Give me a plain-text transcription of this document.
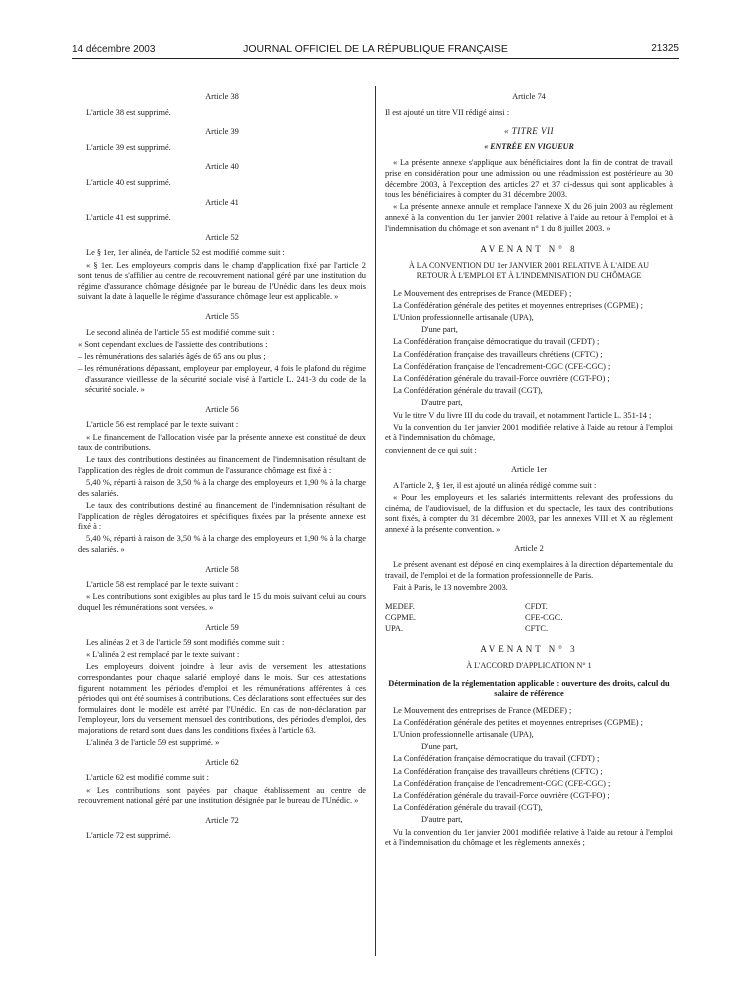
14 décembre 2003	JOURNAL OFFICIEL DE LA RÉPUBLIQUE FRANÇAISE	21325
Article 38

L'article 38 est supprimé.

Article 39

L'article 39 est supprimé.

Article 40

L'article 40 est supprimé.

Article 41

L'article 41 est supprimé.

Article 52

Le § 1er, 1er alinéa, de l'article 52 est modifié comme suit :

« § 1er. Les employeurs compris dans le champ d'application fixé par l'article 2 sont tenus de s'affilier au centre de recouvrement national géré par une institution du régime d'assurance chômage désignée par le bureau de l'Unédic dans les deux mois suivant la date à laquelle le régime d'assurance chômage leur est applicable. »

Article 55

Le second alinéa de l'article 55 est modifié comme suit :

« Sont cependant exclues de l'assiette des contributions :

– les rémunérations des salariés âgés de 65 ans ou plus ;

– les rémunérations dépassant, employeur par employeur, 4 fois le plafond du régime d'assurance vieillesse de la sécurité sociale visé à l'article L. 241-3 du code de la sécurité sociale. »

Article 56

L'article 56 est remplacé par le texte suivant :

« Le financement de l'allocation visée par la présente annexe est constitué de deux taux de contributions.

Le taux des contributions destinées au financement de l'indemnisation résultant de l'application des règles de droit commun de l'assurance chômage est fixé à :

5,40 %, réparti à raison de 3,50 % à la charge des employeurs et 1,90 % à la charge des salariés.

Le taux des contributions destiné au financement de l'indemnisation résultant de l'application de règles dérogatoires et spécifiques fixées par la présente annexe est fixé à :

5,40 %, réparti à raison de 3,50 % à la charge des employeurs et 1,90 % à la charge des salariés. »

Article 58

L'article 58 est remplacé par le texte suivant :

« Les contributions sont exigibles au plus tard le 15 du mois suivant celui au cours duquel les rémunérations sont versées. »

Article 59

Les alinéas 2 et 3 de l'article 59 sont modifiés comme suit :

« L'alinéa 2 est remplacé par le texte suivant :

Les employeurs doivent joindre à leur avis de versement les attestations correspondantes pour chaque salarié employé dans le mois. Sur ces attestations figurent notamment les périodes d'emploi et les rémunérations afférentes à ces périodes qui ont été soumises à contributions. Ces déclarations sont effectuées sur des formulaires dont le modèle est arrêté par l'Unédic. En cas de non-déclaration par l'employeur, lors du versement mensuel des contributions, des périodes d'emploi, des majorations de retard sont dues dans les conditions fixées à l'article 63.

L'alinéa 3 de l'article 59 est supprimé. »

Article 62

L'article 62 est modifié comme suit :

« Les contributions sont payées par chaque établissement au centre de recouvrement national géré par une institution désignée par le bureau de l'Unédic. »

Article 72

L'article 72 est supprimé.

Article 74

Il est ajouté un titre VII rédigé ainsi :

« TITRE VII
« ENTRÉE EN VIGUEUR

« La présente annexe s'applique aux bénéficiaires dont la fin de contrat de travail prise en considération pour une admission ou une réadmission est postérieure au 30 décembre 2003, à l'exception des articles 27 et 37 ci-dessus qui sont applicables à tous les bénéficiaires à compter du 31 décembre 2003.

« La présente annexe annule et remplace l'annexe X du 26 juin 2003 au règlement annexé à la convention du 1er janvier 2001 relative à l'aide au retour à l'emploi et à l'indemnisation du chômage et son avenant n° 1 du 8 juillet 2003. »

AVENANT N° 8
À LA CONVENTION DU 1er JANVIER 2001 RELATIVE À L'AIDE AU RETOUR À L'EMPLOI ET À L'INDEMNISATION DU CHÔMAGE

Le Mouvement des entreprises de France (MEDEF) ;

La Confédération générale des petites et moyennes entreprises (CGPME) ;

L'Union professionnelle artisanale (UPA),

D'une part,

La Confédération française démocratique du travail (CFDT) ;

La Confédération française des travailleurs chrétiens (CFTC) ;

La Confédération française de l'encadrement-CGC (CFE-CGC) ;

La Confédération générale du travail-Force ouvrière (CGT-FO) ;

La Confédération générale du travail (CGT),

D'autre part,

Vu le titre V du livre III du code du travail, et notamment l'article L. 351-14 ;

Vu la convention du 1er janvier 2001 modifiée relative à l'aide au retour à l'emploi et à l'indemnisation du chômage,

conviennent de ce qui suit :

Article 1er

A l'article 2, § 1er, il est ajouté un alinéa rédigé comme suit :

« Pour les employeurs et les salariés intermittents relevant des professions du cinéma, de l'audiovisuel, de la diffusion et du spectacle, les taux des contributions sont fixés, à compter du 31 décembre 2003, par les annexes VIII et X au règlement annexé à la présente convention. »

Article 2

Le présent avenant est déposé en cinq exemplaires à la direction départementale du travail, de l'emploi et de la formation professionnelle de Paris.

Fait à Paris, le 13 novembre 2003.

MEDEF.
CGPME.
UPA.
CFDT.
CFE-CGC.
CFTC.
AVENANT N° 3
À L'ACCORD D'APPLICATION N° 1
Détermination de la réglementation applicable : ouverture des droits, calcul du salaire de référence

Le Mouvement des entreprises de France (MEDEF) ;

La Confédération générale des petites et moyennes entreprises (CGPME) ;

L'Union professionnelle artisanale (UPA),

D'une part,

La Confédération française démocratique du travail (CFDT) ;

La Confédération française des travailleurs chrétiens (CFTC) ;

La Confédération française de l'encadrement-CGC (CFE-CGC) ;

La Confédération générale du travail-Force ouvrière (CGT-FO) ;

La Confédération générale du travail (CGT),

D'autre part,

Vu la convention du 1er janvier 2001 modifiée relative à l'aide au retour à l'emploi et à l'indemnisation du chômage et les règlements annexés ;
